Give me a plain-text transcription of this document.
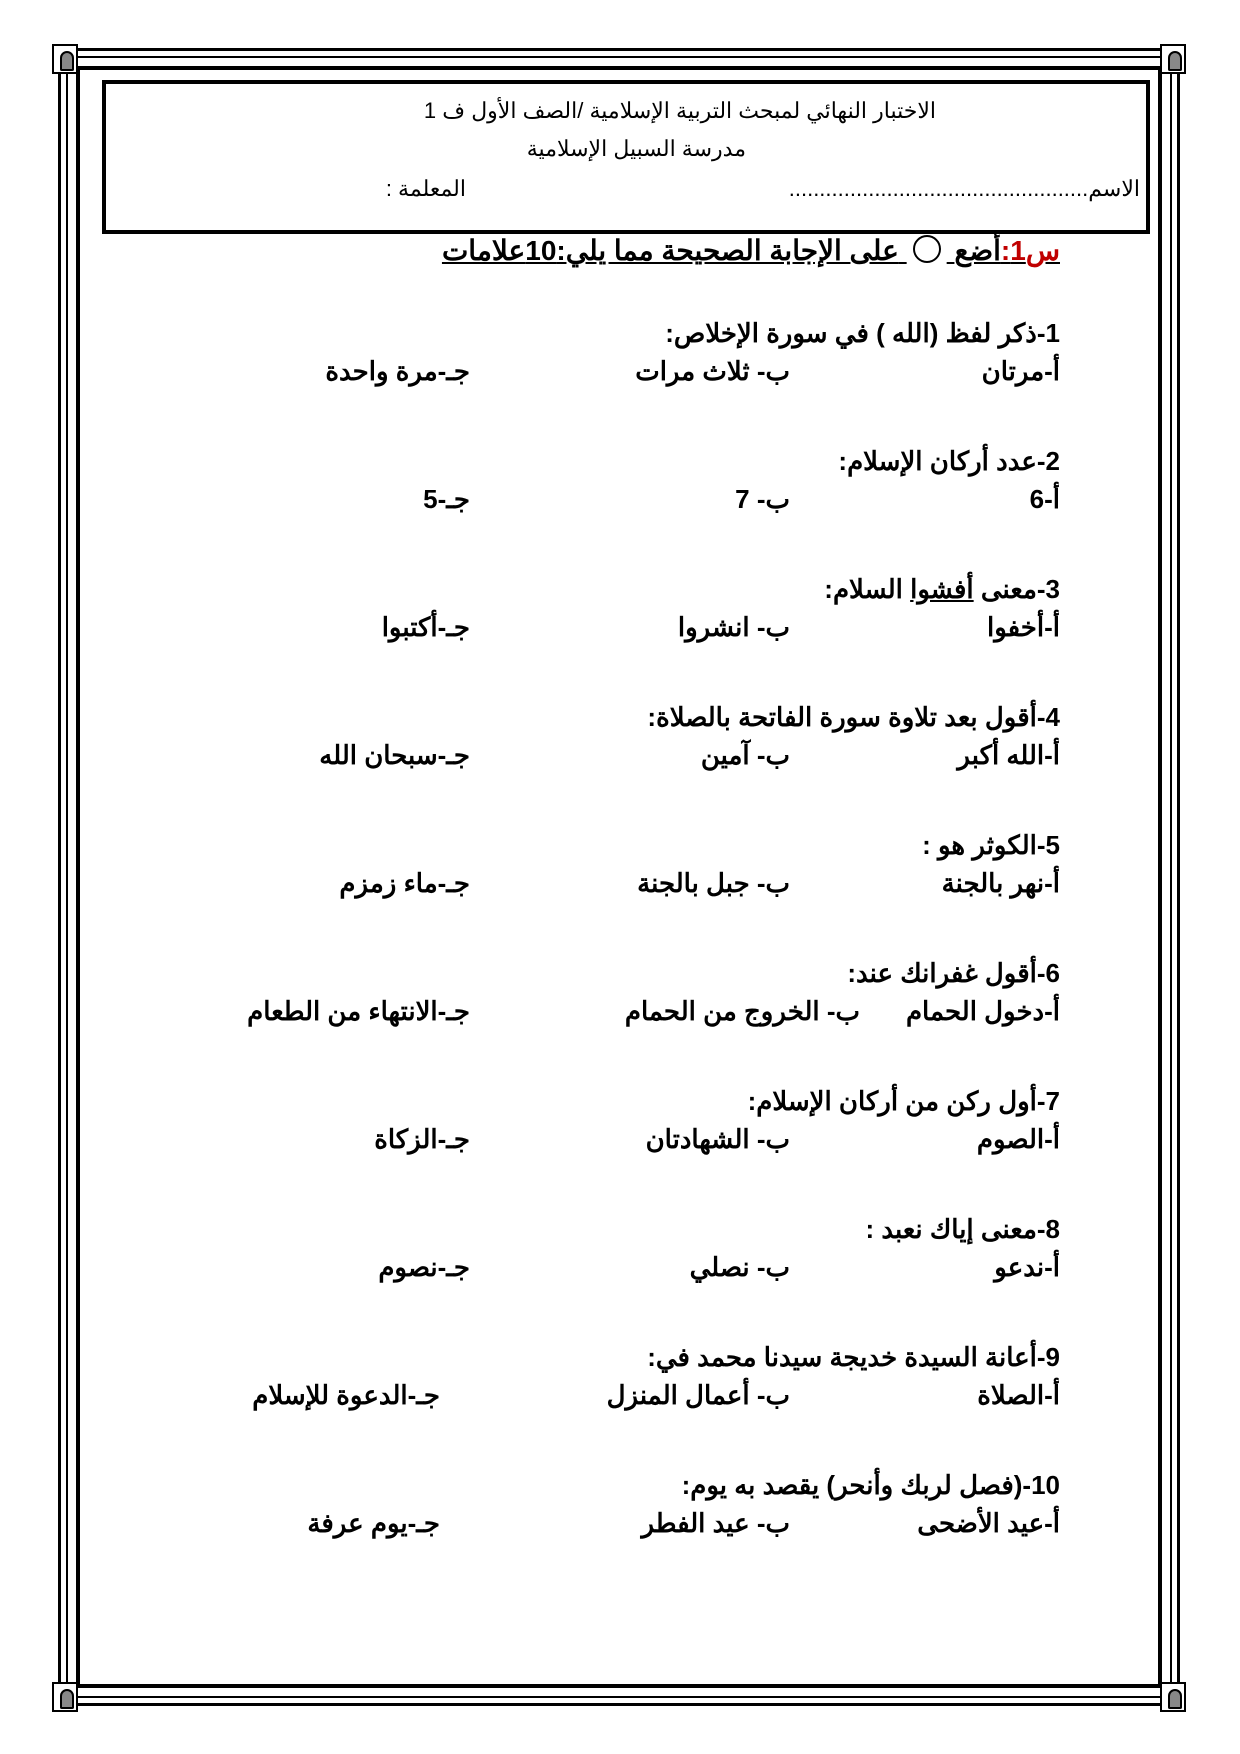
الاختبار النهائي لمبحث التربية الإسلامية /الصف الأول ف 1
مدرسة السبيل الإسلامية
الاسم.................................................
المعلمة :
س1:أضع  على الإجابة الصحيحة مما يلي:10علامات
1-ذكر لفظ (الله ) في سورة الإخلاص:
أ-مرتان
ب- ثلاث مرات
جـ-مرة واحدة
2-عدد أركان الإسلام:
أ-6
ب- 7
جـ-5
3-معنى أفشوا السلام:
أ-أخفوا
ب- انشروا
جـ-أكتبوا
4-أقول بعد تلاوة سورة الفاتحة بالصلاة:
أ-الله أكبر
ب- آمين
جـ-سبحان الله
5-الكوثر هو :
أ-نهر بالجنة
ب- جبل بالجنة
جـ-ماء زمزم
6-أقول غفرانك عند:
أ-دخول الحمام
ب- الخروج من الحمام
جـ-الانتهاء من الطعام
7-أول ركن من أركان الإسلام:
أ-الصوم
ب- الشهادتان
جـ-الزكاة
8-معنى إياك نعبد :
أ-ندعو
ب- نصلي
جـ-نصوم
9-أعانة السيدة خديجة سيدنا محمد في:
أ-الصلاة
ب- أعمال المنزل
جـ-الدعوة للإسلام
10-(فصل لربك وأنحر) يقصد به يوم:
أ-عيد الأضحى
ب- عيد الفطر
جـ-يوم عرفة
